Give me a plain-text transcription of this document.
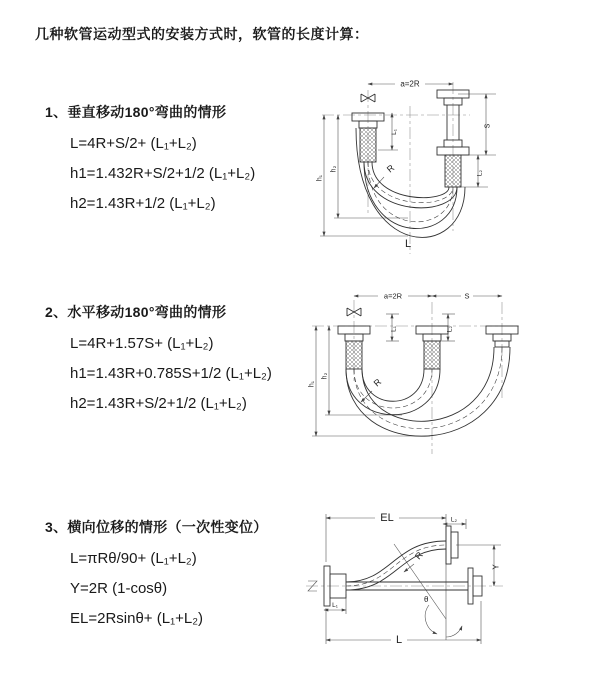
几种软管运动型式的安装方式时，软管的长度计算：
1、垂直移动180°弯曲的情形
L=4R+S/2+ (L₁+L₂)
h1=1.432R+S/2+1/2 (L₁+L₂)
h2=1.43R+1/2 (L₁+L₂)
2、水平移动180°弯曲的情形
L=4R+1.57S+ (L₁+L₂)
h1=1.43R+0.785S+1/2 (L₁+L₂)
h2=1.43R+S/2+1/2 (L₁+L₂)
3、横向位移的情形（一次性变位）
L=πRθ/90+ (L₁+L₂)
Y=2R (1-cosθ)
EL=2Rsinθ+ (L₁+L₂)
a=2R
h₁
h₂
L₁
S
L₂
R
L
a=2R	S
h₁
h₂
L₁	L₂
R
EL	L₂
Y
R
θ
L
L₁
